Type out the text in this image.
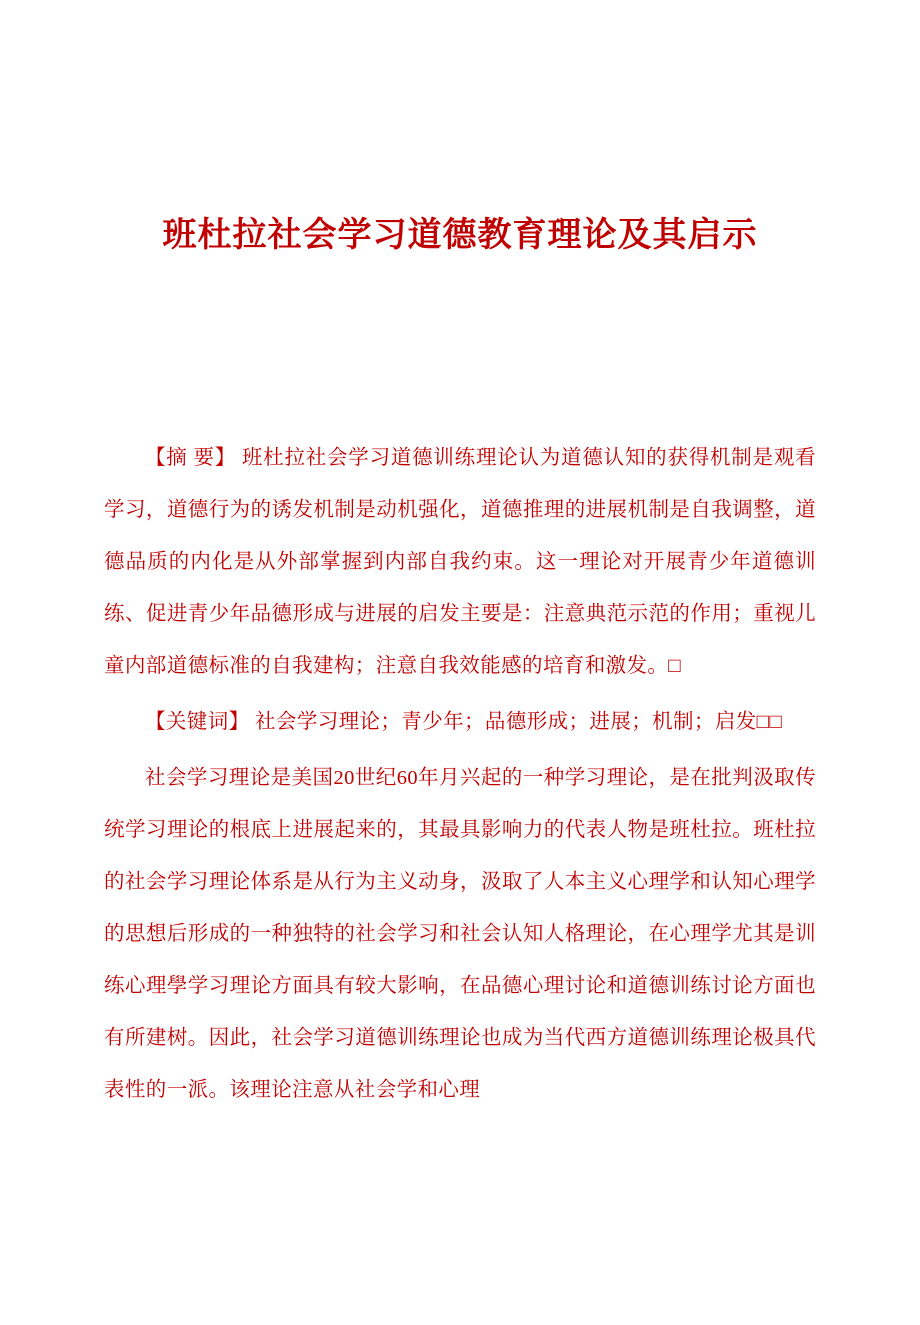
班杜拉社会学习道德教育理论及其启示

【摘 要】 班杜拉社会学习道德训练理论认为道德认知的获得机制是观看学习，道德行为的诱发机制是动机强化，道德推理的进展机制是自我调整，道德品质的内化是从外部掌握到内部自我约束。这一理论对开展青少年道德训练、促进青少年品德形成与进展的启发主要是：注意典范示范的作用；重视儿童内部道德标准的自我建构；注意自我效能感的培育和激发。□

【关键词】 社会学习理论；青少年；品德形成；进展；机制；启发□□

社会学习理论是美国20世纪60年月兴起的一种学习理论，是在批判汲取传统学习理论的根底上进展起来的，其最具影响力的代表人物是班杜拉。班杜拉的社会学习理论体系是从行为主义动身，汲取了人本主义心理学和认知心理学的思想后形成的一种独特的社会学习和社会认知人格理论，在心理学尤其是训练心理學学习理论方面具有较大影响，在品德心理讨论和道德训练讨论方面也有所建树。因此，社会学习道德训练理论也成为当代西方道德训练理论极具代表性的一派。该理论注意从社会学和心理
